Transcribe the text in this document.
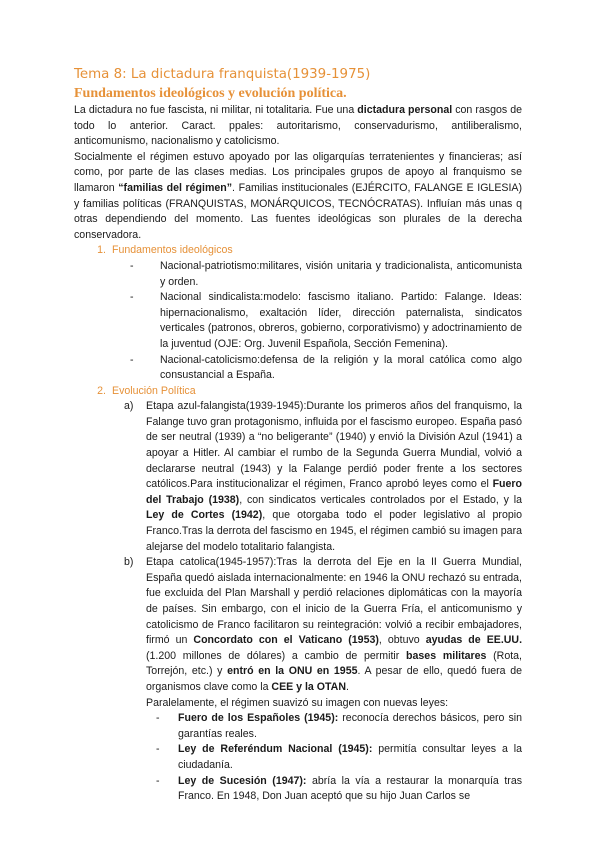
Tema 8: La dictadura franquista(1939-1975)
Fundamentos ideológicos y evolución política.

La dictadura no fue fascista, ni militar, ni totalitaria. Fue una dictadura personal con rasgos de todo lo anterior. Caract. ppales: autoritarismo, conservadurismo, antiliberalismo, anticomunismo, nacionalismo y catolicismo.

Socialmente el régimen estuvo apoyado por las oligarquías terratenientes y financieras; así como, por parte de las clases medias. Los principales grupos de apoyo al franquismo se llamaron “familias del régimen”. Familias institucionales (EJÉRCITO, FALANGE E IGLESIA) y familias políticas (FRANQUISTAS, MONÁRQUICOS, TECNÓCRATAS). Influían más unas q otras dependiendo del momento. Las fuentes ideológicas son plurales de la derecha conservadora.

1. Fundamentos ideológicos
-	Nacional-patriotismo:militares, visión unitaria y tradicionalista, anticomunista y orden.
-	Nacional sindicalista:modelo: fascismo italiano. Partido: Falange. Ideas: hipernacionalismo, exaltación líder, dirección paternalista, sindicatos verticales (patronos, obreros, gobierno, corporativismo) y adoctrinamiento de la juventud (OJE: Org. Juvenil Española, Sección Femenina).
-	Nacional-catolicismo:defensa de la religión y la moral católica como algo consustancial a España.
2. Evolución Política
a)	Etapa azul-falangista(1939-1945):Durante los primeros años del franquismo, la Falange tuvo gran protagonismo, influida por el fascismo europeo. España pasó de ser neutral (1939) a “no beligerante” (1940) y envió la División Azul (1941) a apoyar a Hitler. Al cambiar el rumbo de la Segunda Guerra Mundial, volvió a declararse neutral (1943) y la Falange perdió poder frente a los sectores católicos.Para institucionalizar el régimen, Franco aprobó leyes como el Fuero del Trabajo (1938), con sindicatos verticales controlados por el Estado, y la Ley de Cortes (1942), que otorgaba todo el poder legislativo al propio Franco.Tras la derrota del fascismo en 1945, el régimen cambió su imagen para alejarse del modelo totalitario falangista.
b)	Etapa catolica(1945-1957):Tras la derrota del Eje en la II Guerra Mundial, España quedó aislada internacionalmente: en 1946 la ONU rechazó su entrada, fue excluida del Plan Marshall y perdió relaciones diplomáticas con la mayoría de países. Sin embargo, con el inicio de la Guerra Fría, el anticomunismo y catolicismo de Franco facilitaron su reintegración: volvió a recibir embajadores, firmó un Concordato con el Vaticano (1953), obtuvo ayudas de EE.UU. (1.200 millones de dólares) a cambio de permitir bases militares (Rota, Torrejón, etc.) y entró en la ONU en 1955. A pesar de ello, quedó fuera de organismos clave como la CEE y la OTAN.

Paralelamente, el régimen suavizó su imagen con nuevas leyes:

-	Fuero de los Españoles (1945): reconocía derechos básicos, pero sin garantías reales.
-	Ley de Referéndum Nacional (1945): permitía consultar leyes a la ciudadanía.
-	Ley de Sucesión (1947): abría la vía a restaurar la monarquía tras Franco. En 1948, Don Juan aceptó que su hijo Juan Carlos se
